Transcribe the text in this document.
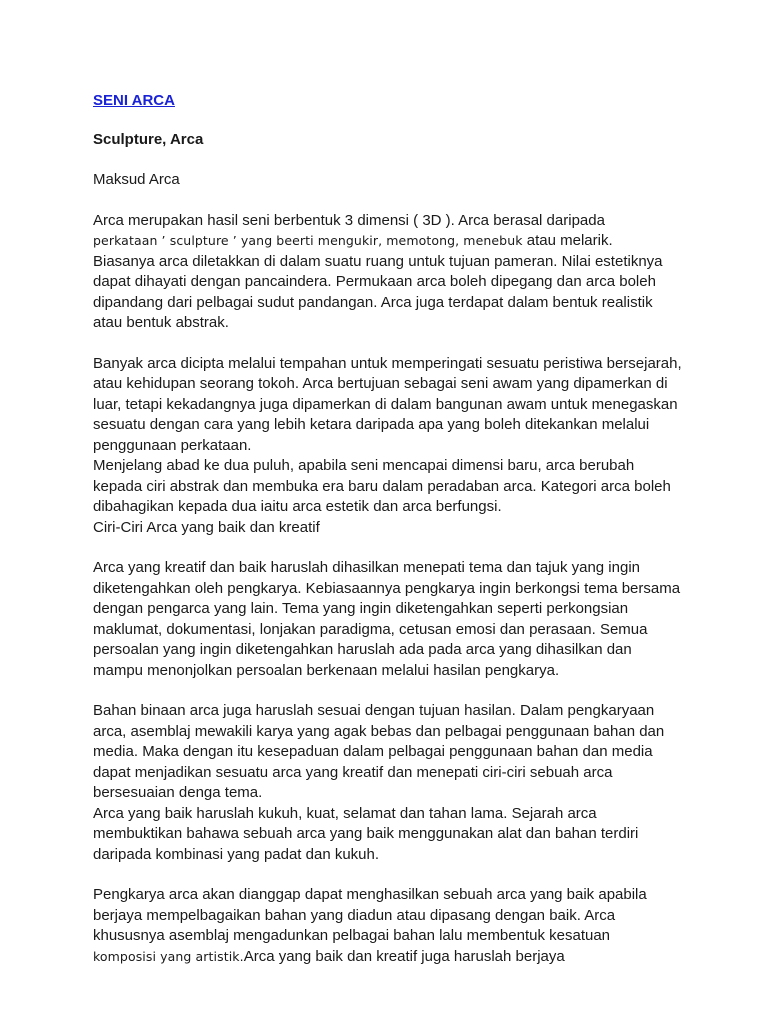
SENI ARCA
Sculpture, Arca
Maksud Arca

Arca merupakan hasil seni berbentuk 3 dimensi ( 3D ). Arca berasal daripada

perkataan ’ sculpture ’ yang beerti mengukir, memotong, menebuk atau melarik.

Biasanya arca diletakkan di dalam suatu ruang untuk tujuan pameran. Nilai estetiknya dapat dihayati dengan pancaindera. Permukaan arca boleh dipegang dan arca boleh dipandang dari pelbagai sudut pandangan. Arca juga terdapat dalam bentuk realistik atau bentuk abstrak.

Banyak arca dicipta melalui tempahan untuk memperingati sesuatu peristiwa bersejarah, atau kehidupan seorang tokoh. Arca bertujuan sebagai seni awam yang dipamerkan di luar, tetapi kekadangnya juga dipamerkan di dalam bangunan awam untuk menegaskan sesuatu dengan cara yang lebih ketara daripada apa yang boleh ditekankan melalui penggunaan perkataan.

Menjelang abad ke dua puluh, apabila seni mencapai dimensi baru, arca berubah kepada ciri abstrak dan membuka era baru dalam peradaban arca. Kategori arca boleh dibahagikan kepada dua iaitu arca estetik dan arca berfungsi.

Ciri-Ciri Arca yang baik dan kreatif

Arca yang kreatif dan baik haruslah dihasilkan menepati tema dan tajuk yang ingin diketengahkan oleh pengkarya. Kebiasaannya pengkarya ingin berkongsi tema bersama dengan pengarca yang lain. Tema yang ingin diketengahkan seperti perkongsian maklumat, dokumentasi, lonjakan paradigma, cetusan emosi dan perasaan. Semua persoalan yang ingin diketengahkan haruslah ada pada arca yang dihasilkan dan mampu menonjolkan persoalan berkenaan melalui hasilan pengkarya.

Bahan binaan arca juga haruslah sesuai dengan tujuan hasilan. Dalam pengkaryaan arca, asemblaj mewakili karya yang agak bebas dan pelbagai penggunaan bahan dan media. Maka dengan itu kesepaduan dalam pelbagai penggunaan bahan dan media dapat menjadikan sesuatu arca yang kreatif dan menepati ciri-ciri sebuah arca bersesuaian denga tema.

Arca yang baik haruslah kukuh, kuat, selamat dan tahan lama. Sejarah arca membuktikan bahawa sebuah arca yang baik menggunakan alat dan bahan terdiri daripada kombinasi yang padat dan kukuh.

Pengkarya arca akan dianggap dapat menghasilkan sebuah arca yang baik apabila berjaya mempelbagaikan bahan yang diadun atau dipasang dengan baik. Arca khususnya asemblaj mengadunkan pelbagai bahan lalu membentuk kesatuan

komposisi yang artistik.Arca yang baik dan kreatif juga haruslah berjaya
